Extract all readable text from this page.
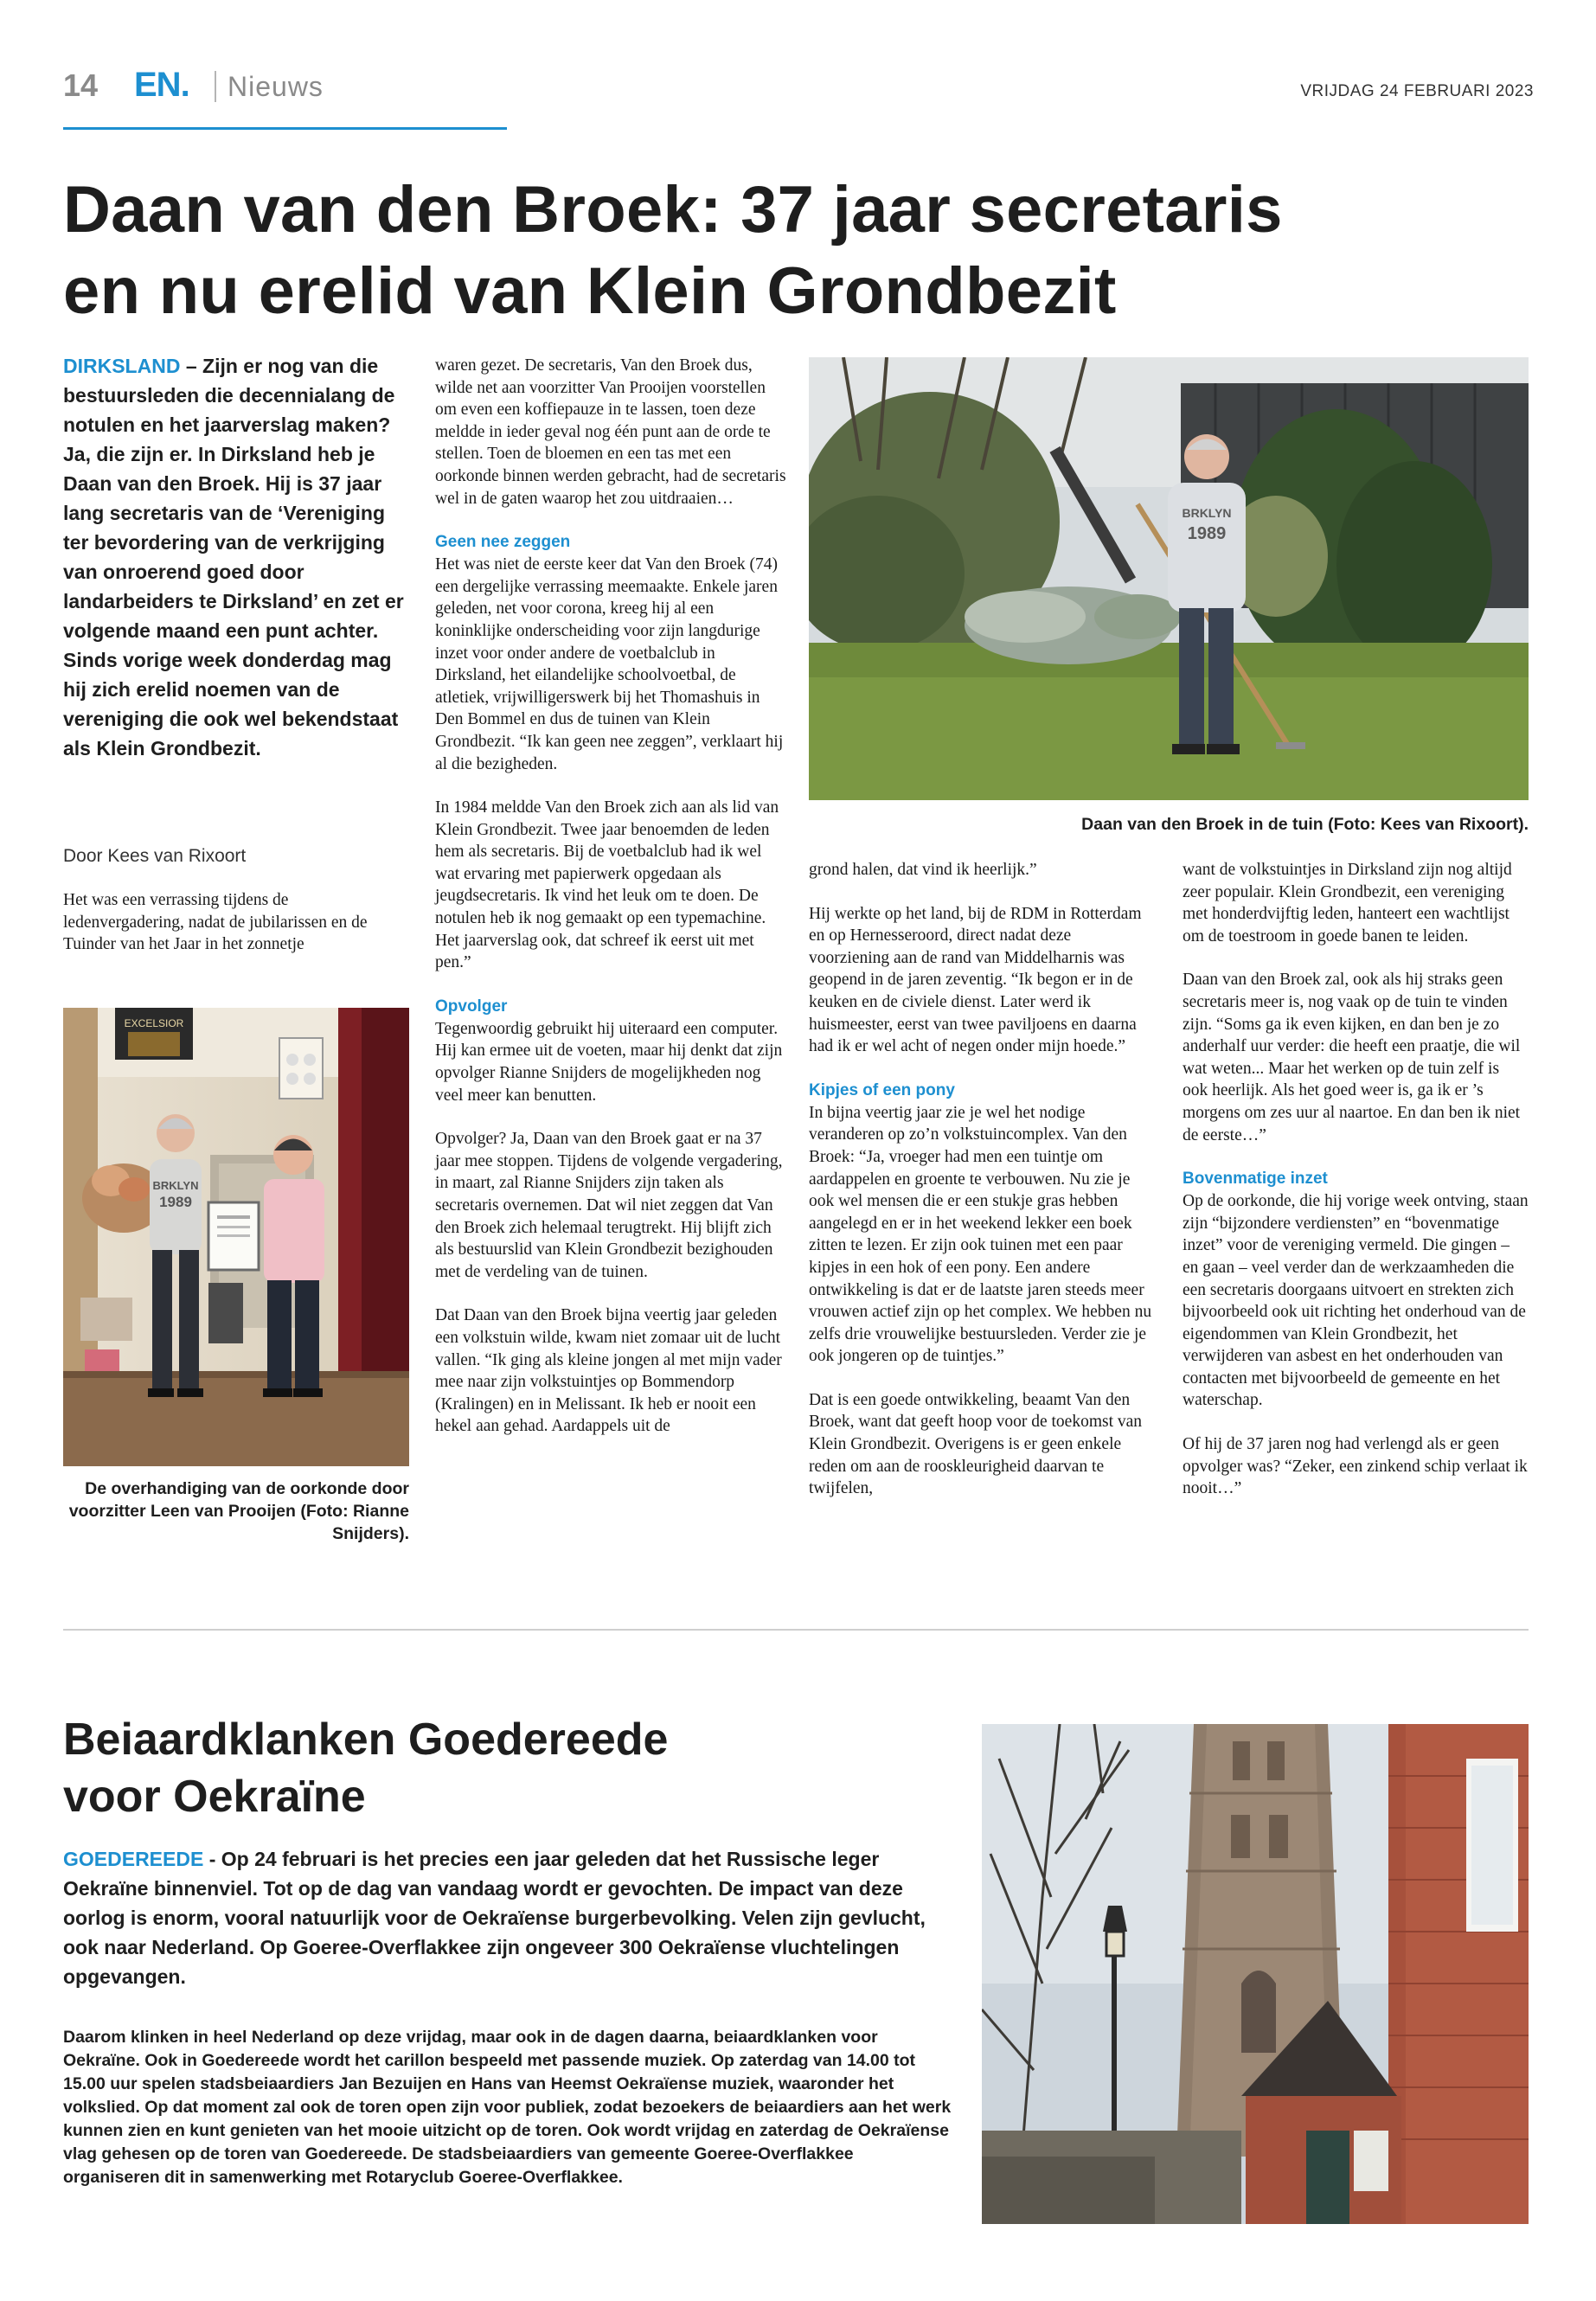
14 EN. Nieuws	VRIJDAG 24 FEBRUARI 2023
Daan van den Broek: 37 jaar secretaris
en nu erelid van Klein Grondbezit
DIRKSLAND – Zijn er nog van die bestuursleden die decennialang de notulen en het jaarverslag maken? Ja, die zijn er. In Dirksland heb je Daan van den Broek. Hij is 37 jaar lang secretaris van de ‘Vereniging ter bevordering van de verkrijging van onroerend goed door landarbeiders te Dirksland’ en zet er volgende maand een punt achter. Sinds vorige week donderdag mag hij zich erelid noemen van de vereniging die ook wel bekendstaat als Klein Grondbezit.
Door Kees van Rixoort
Het was een verrassing tijdens de ledenvergadering, nadat de jubilarissen en de Tuinder van het Jaar in het zonnetje
EXCELSIOR
BRKLYN
1989
De overhandiging van de oorkonde door voorzitter Leen van Prooijen (Foto: Rianne Snijders).

waren gezet. De secretaris, Van den Broek dus, wilde net aan voorzitter Van Prooijen voorstellen om even een koffiepauze in te lassen, toen deze meldde in ieder geval nog één punt aan de orde te stellen. Toen de bloemen en een tas met een oorkonde binnen werden gebracht, had de secretaris wel in de gaten waarop het zou uitdraaien…

Geen nee zeggen

Het was niet de eerste keer dat Van den Broek (74) een dergelijke verrassing meemaakte. Enkele jaren geleden, net voor corona, kreeg hij al een koninklijke onderscheiding voor zijn langdurige inzet voor onder andere de voetbalclub in Dirksland, het eilandelijke schoolvoetbal, de atletiek, vrijwilligerswerk bij het Thomashuis in Den Bommel en dus de tuinen van Klein Grondbezit. “Ik kan geen nee zeggen”, verklaart hij al die bezigheden.

In 1984 meldde Van den Broek zich aan als lid van Klein Grondbezit. Twee jaar benoemden de leden hem als secretaris. Bij de voetbalclub had ik wel wat ervaring met papierwerk opgedaan als jeugdsecretaris. Ik vind het leuk om te doen. De notulen heb ik nog gemaakt op een typemachine. Het jaarverslag ook, dat schreef ik eerst uit met pen.”

Opvolger

Tegenwoordig gebruikt hij uiteraard een computer. Hij kan ermee uit de voeten, maar hij denkt dat zijn opvolger Rianne Snijders de mogelijkheden nog veel meer kan benutten.

Opvolger? Ja, Daan van den Broek gaat er na 37 jaar mee stoppen. Tijdens de volgende vergadering, in maart, zal Rianne Snijders zijn taken als secretaris overnemen. Dat wil niet zeggen dat Van den Broek zich helemaal terugtrekt. Hij blijft zich als bestuurslid van Klein Grondbezit bezighouden met de verdeling van de tuinen.

Dat Daan van den Broek bijna veertig jaar geleden een volkstuin wilde, kwam niet zomaar uit de lucht vallen. “Ik ging als kleine jongen al met mijn vader mee naar zijn volkstuintjes op Bommendorp (Kralingen) en in Melissant. Ik heb er nooit een hekel aan gehad. Aardappels uit de

BRKLYN
1989
Daan van den Broek in de tuin (Foto: Kees van Rixoort).

grond halen, dat vind ik heerlijk.”

Hij werkte op het land, bij de RDM in Rotterdam en op Hernesseroord, direct nadat deze voorziening aan de rand van Middelharnis was geopend in de jaren zeventig. “Ik begon er in de keuken en de civiele dienst. Later werd ik huismeester, eerst van twee paviljoens en daarna had ik er wel acht of negen onder mijn hoede.”

Kipjes of een pony

In bijna veertig jaar zie je wel het nodige veranderen op zo’n volkstuincomplex. Van den Broek: “Ja, vroeger had men een tuintje om aardappelen en groente te verbouwen. Nu zie je ook wel mensen die er een stukje gras hebben aangelegd en er in het weekend lekker een boek zitten te lezen. Er zijn ook tuinen met een paar kipjes in een hok of een pony. Een andere ontwikkeling is dat er de laatste jaren steeds meer vrouwen actief zijn op het complex. We hebben nu zelfs drie vrouwelijke bestuursleden. Verder zie je ook jongeren op de tuintjes.”

Dat is een goede ontwikkeling, beaamt Van den Broek, want dat geeft hoop voor de toekomst van Klein Grondbezit. Overigens is er geen enkele reden om aan de rooskleurigheid daarvan te twijfelen,

want de volkstuintjes in Dirksland zijn nog altijd zeer populair. Klein Grondbezit, een vereniging met honderdvijftig leden, hanteert een wachtlijst om de toestroom in goede banen te leiden.

Daan van den Broek zal, ook als hij straks geen secretaris meer is, nog vaak op de tuin te vinden zijn. “Soms ga ik even kijken, en dan ben je zo anderhalf uur verder: die heeft een praatje, die wil wat weten... Maar het werken op de tuin zelf is ook heerlijk. Als het goed weer is, ga ik er ’s morgens om zes uur al naartoe. En dan ben ik niet de eerste…”

Bovenmatige inzet

Op de oorkonde, die hij vorige week ontving, staan zijn “bijzondere verdiensten” en “bovenmatige inzet” voor de vereniging vermeld. Die gingen – en gaan – veel verder dan de werkzaamheden die een secretaris doorgaans uitvoert en strekten zich bijvoorbeeld ook uit richting het onderhoud van de eigendommen van Klein Grondbezit, het verwijderen van asbest en het onderhouden van contacten met bijvoorbeeld de gemeente en het waterschap.

Of hij de 37 jaren nog had verlengd als er geen opvolger was? “Zeker, een zinkend schip verlaat ik nooit…”

Beiaardklanken Goedereede
voor Oekraïne
GOEDEREEDE - Op 24 februari is het precies een jaar geleden dat het Russische leger Oekraïne binnenviel. Tot op de dag van vandaag wordt er gevochten. De impact van deze oorlog is enorm, vooral natuurlijk voor de Oekraïense burgerbevolking. Velen zijn gevlucht, ook naar Nederland. Op Goeree-Overflakkee zijn ongeveer 300 Oekraïense vluchtelingen opgevangen.
Daarom klinken in heel Nederland op deze vrijdag, maar ook in de dagen daarna, beiaardklanken voor Oekraïne. Ook in Goedereede wordt het carillon bespeeld met passende muziek. Op zaterdag van 14.00 tot 15.00 uur spelen stadsbeiaardiers Jan Bezuijen en Hans van Heemst Oekraïense muziek, waaronder het volkslied. Op dat moment zal ook de toren open zijn voor publiek, zodat bezoekers de beiaardiers aan het werk kunnen zien en kunt genieten van het mooie uitzicht op de toren. Ook wordt vrijdag en zaterdag de Oekraïense vlag gehesen op de toren van Goedereede. De stadsbeiaardiers van gemeente Goeree-Overflakkee organiseren dit in samenwerking met Rotaryclub Goeree-Overflakkee.
